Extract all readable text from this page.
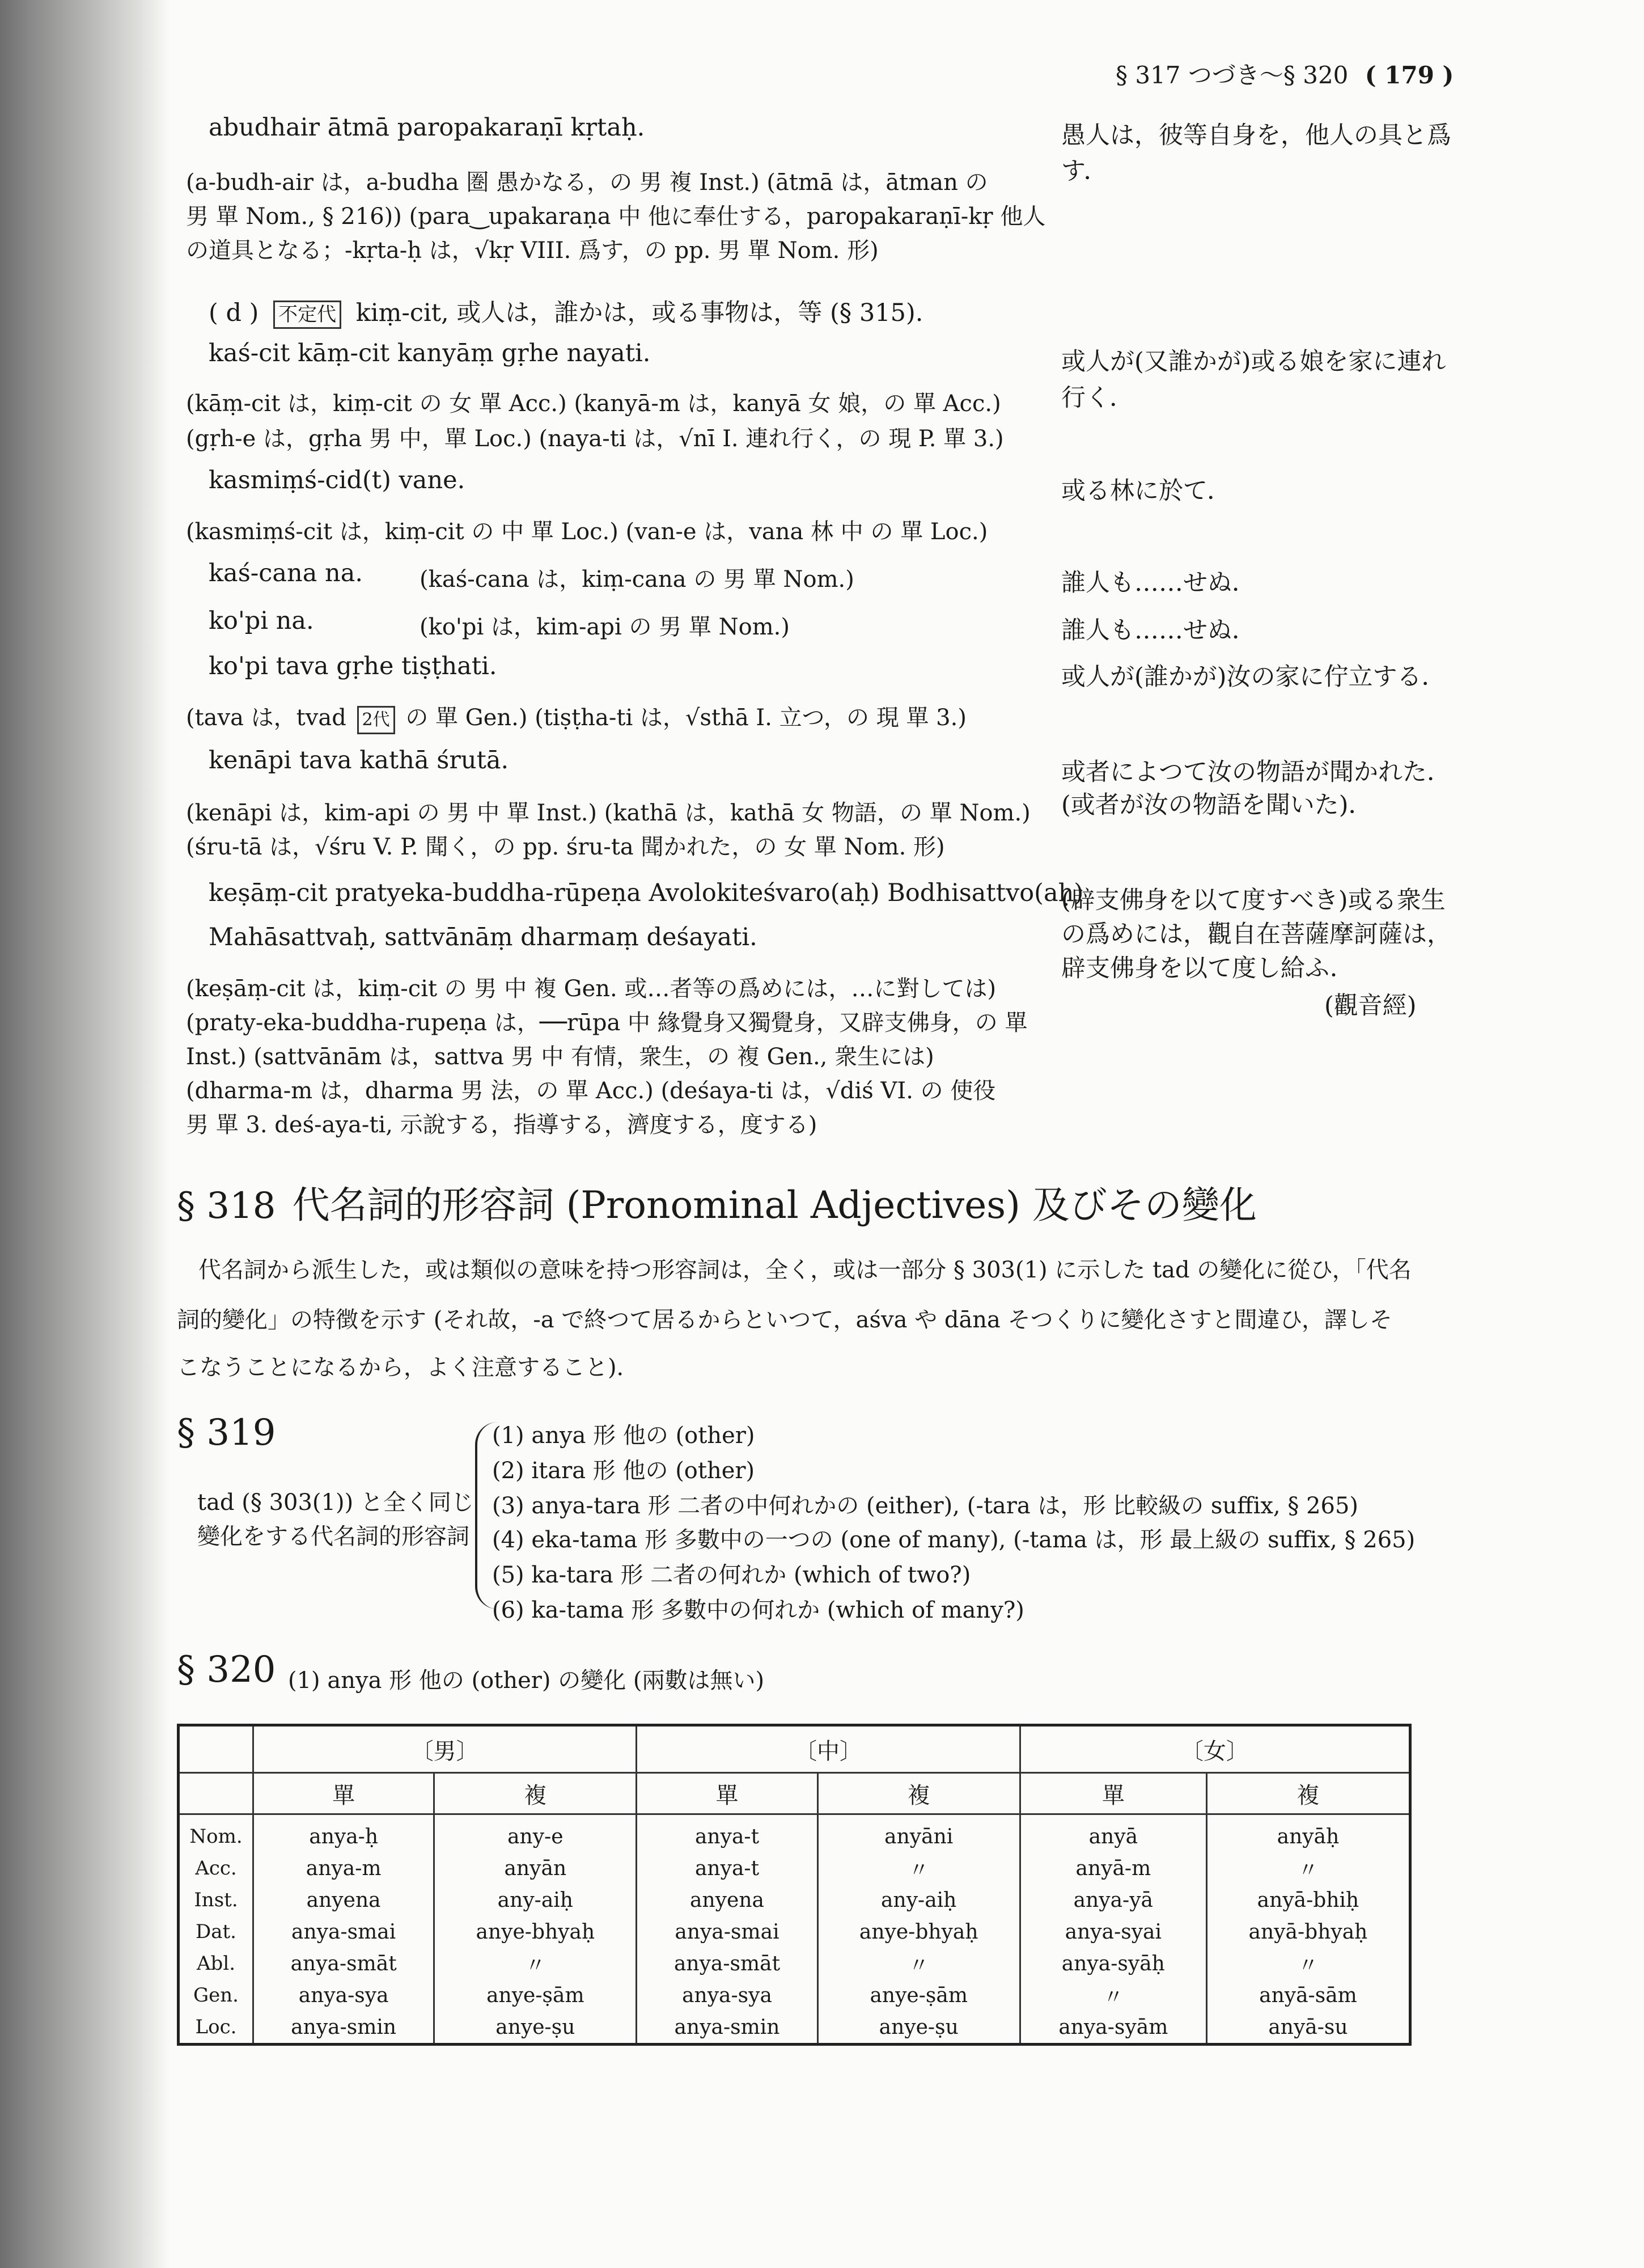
§ 317 つづき～§ 320 ( 179 )
abudhair ātmā paropakaraṇī kṛtaḥ.	愚人は，彼等自身を，他人の具と爲
す．
(a-budh-air は，a-budha 圏 愚かなる，の 男 複 Inst.) (ātmā は，ātman の
男 單 Nom., § 216)) (para‿upakaraṇa 中 他に奉仕する，paropakaraṇī-kṛ 他人
の道具となる；-kṛta-ḥ は，√kṛ VIII. 爲す，の pp. 男 單 Nom. 形)
( d ) 不定代 kiṃ-cit, 或人は，誰かは，或る事物は，等 (§ 315).
kaś-cit kāṃ-cit kanyāṃ gṛhe nayati.	或人が(又誰かが)或る娘を家に連れ
(kāṃ-cit は，kiṃ-cit の 女 單 Acc.) (kanyā-m は，kanyā 女 娘，の 單 Acc.) 行く．
(gṛh-e は，gṛha 男 中，單 Loc.) (naya-ti は，√nī I. 連れ行く，の 現 P. 單 3.)
kasmiṃś-cid(t) vane.	或る林に於て．
(kasmiṃś-cit は，kiṃ-cit の 中 單 Loc.) (van-e は，vana 林 中 の 單 Loc.)
kaś-cana na. (kaś-cana は，kiṃ-cana の 男 單 Nom.)	誰人も……せぬ．
ko'pi na.	(ko'pi は，kim-api の 男 單 Nom.)	誰人も……せぬ．
ko'pi tava gṛhe tiṣṭhati.	或人が(誰かが)汝の家に佇立する．
(tava は，tvad 2代 の 單 Gen.) (tiṣṭha-ti は，√sthā I. 立つ，の 現 單 3.)
kenāpi tava kathā śrutā.	或者によつて汝の物語が聞かれた．
(kenāpi は，kim-api の 男 中 單 Inst.) (kathā は，kathā 女 物語，の 單 Nom.) (或者が汝の物語を聞いた)．
(śru-tā は，√śru V. P. 聞く，の pp. śru-ta 聞かれた，の 女 單 Nom. 形)
keṣāṃ-cit pratyeka-buddha-rūpeṇa Avolokiteśvaro(aḥ) Bodhisattvo(aḥ)
Mahāsattvaḥ, sattvānāṃ dharmaṃ deśayati.
(辟支佛身を以て度すべき)或る衆生
の爲めには，觀自在菩薩摩訶薩は，
辟支佛身を以て度し給ふ．
(觀音經)
(keṣāṃ-cit は，kiṃ-cit の 男 中 複 Gen. 或…者等の爲めには，…に對しては)
(praty-eka-buddha-rupeṇa は，──rūpa 中 緣覺身又獨覺身，又辟支佛身，の 單
Inst.) (sattvānām は，sattva 男 中 有情，衆生，の 複 Gen., 衆生には)
(dharma-m は，dharma 男 法，の 單 Acc.) (deśaya-ti は，√diś VI. の 使役
男 單 3. deś-aya-ti, 示說する，指導する，濟度する，度する)
§ 318 代名詞的形容詞 (Pronominal Adjectives) 及びその變化
代名詞から派生した，或は類似の意味を持つ形容詞は，全く，或は一部分 § 303(1) に示した tad の變化に從ひ，「代名
詞的變化」の特徴を示す (それ故，-a で終つて居るからといつて，aśva や dāna そつくりに變化さすと間違ひ，譯しそ
こなうことになるから，よく注意すること)．
§ 319
tad (§ 303(1)) と全く同じ
變化をする代名詞的形容詞
(1) anya 形 他の (other)
(2) itara 形 他の (other)
(3) anya-tara 形 二者の中何れかの (either), (-tara は，形 比較級の suffix, § 265)
(4) eka-tama 形 多數中の一つの (one of many), (-tama は，形 最上級の suffix, § 265)
(5) ka-tara 形 二者の何れか (which of two?)
(6) ka-tama 形 多數中の何れか (which of many?)
§ 320 (1) anya 形 他の (other) の變化 (兩數は無い)
	〔男〕		〔中〕		〔女〕	
	單	複	單	複	單	複
Nom.	anya-ḥ	any-e	anya-t	anyāni	anyā	anyāḥ
Acc.	anya-m	anyān	anya-t	〃	anyā-m	〃
Inst.	anyena	any-aiḥ	anyena	any-aiḥ	anya-yā	anyā-bhiḥ
Dat.	anya-smai	anye-bhyaḥ	anya-smai	anye-bhyaḥ	anya-syai	anyā-bhyaḥ
Abl.	anya-smāt	〃	anya-smāt	〃	anya-syāḥ	〃
Gen.	anya-sya	anye-ṣām	anya-sya	anye-ṣām	〃	anyā-sām
Loc.	anya-smin	anye-ṣu	anya-smin	anye-ṣu	anya-syām	anyā-su
